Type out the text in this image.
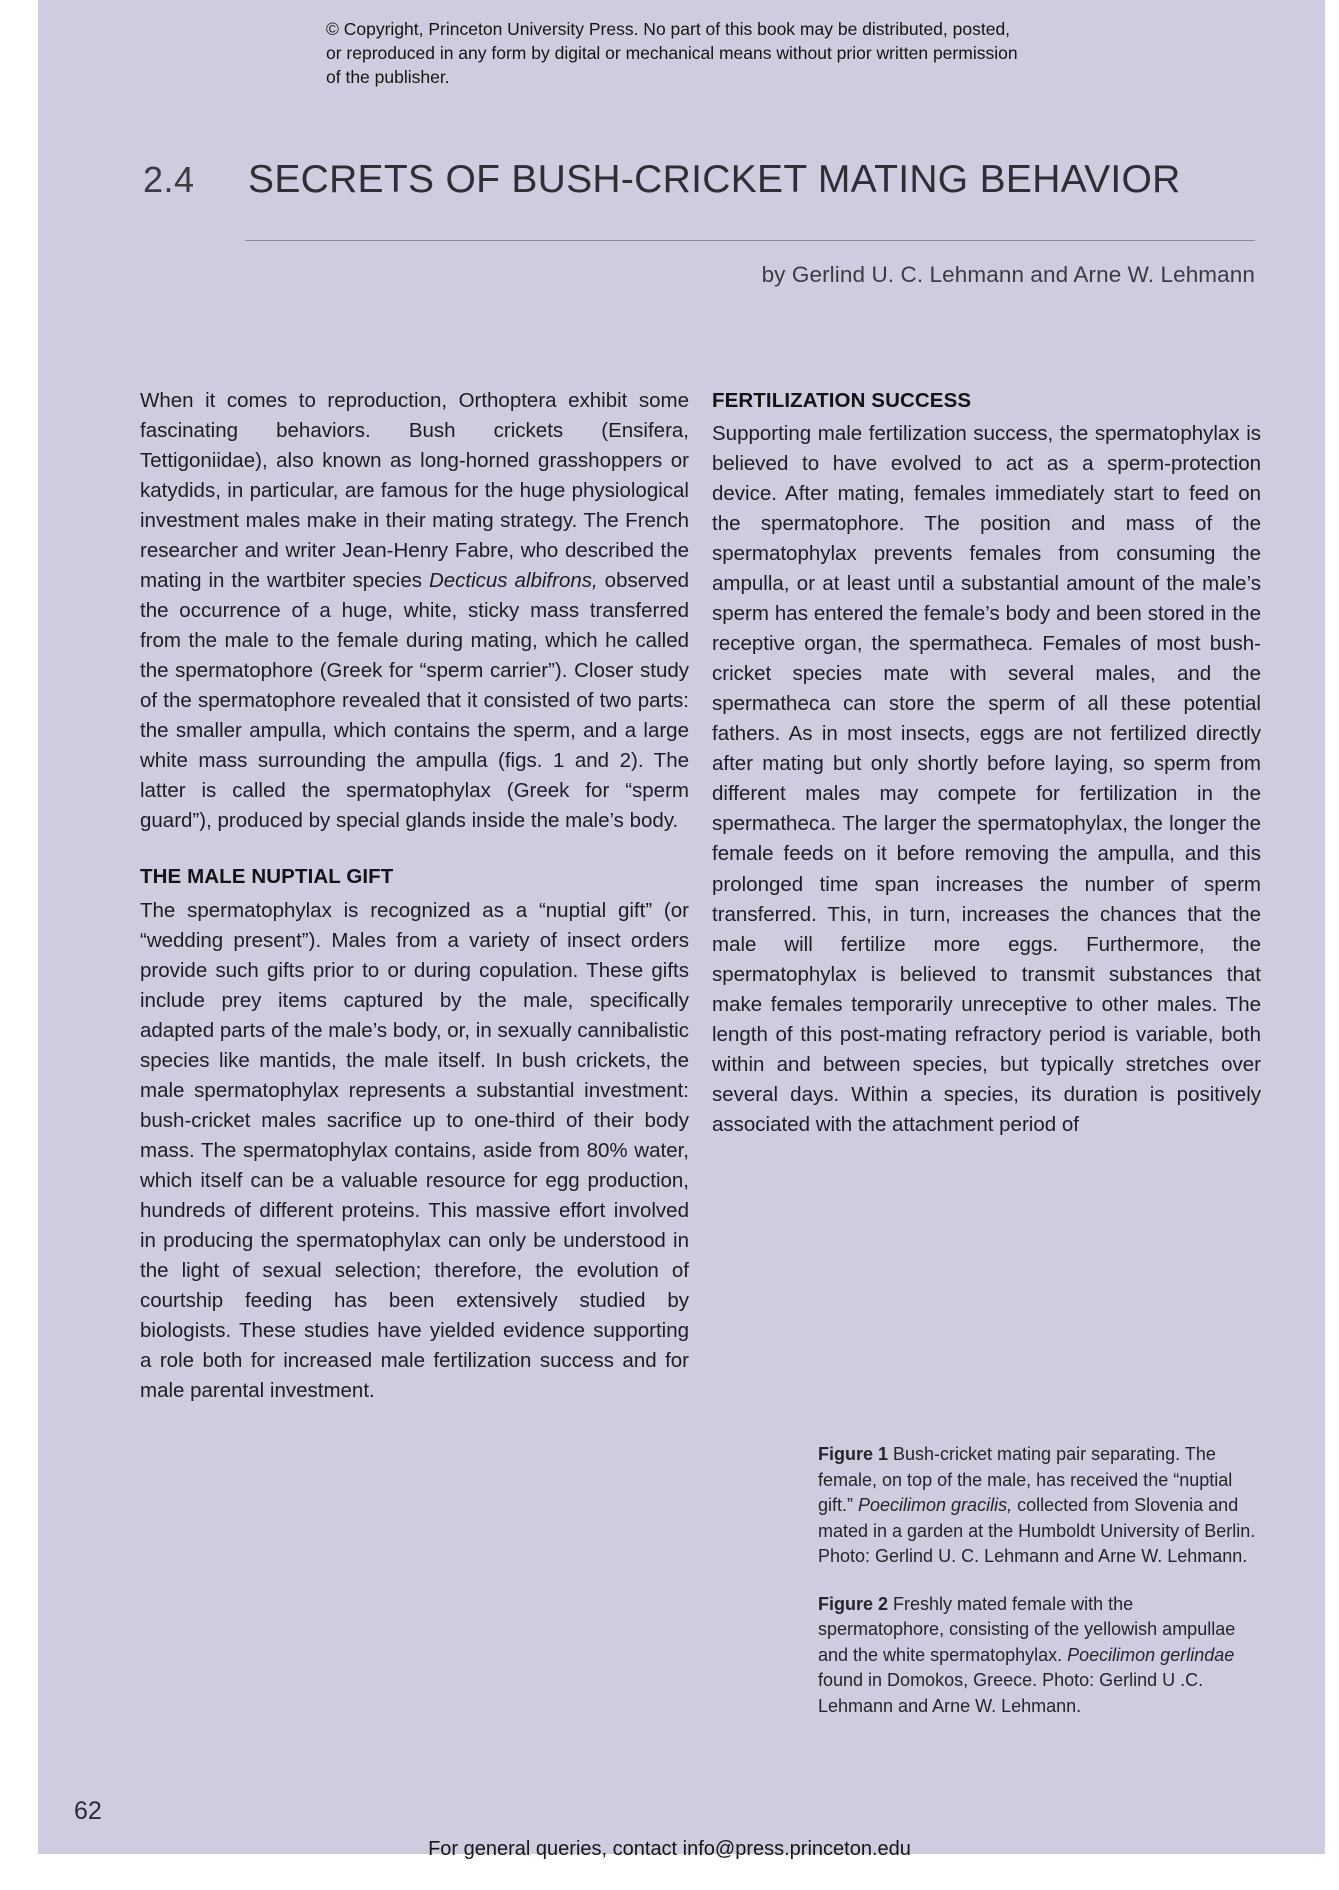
© Copyright, Princeton University Press. No part of this book may be distributed, posted, or reproduced in any form by digital or mechanical means without prior written permission of the publisher.
2.4	SECRETS OF BUSH-CRICKET MATING BEHAVIOR
by Gerlind U. C. Lehmann and Arne W. Lehmann

When it comes to reproduction, Orthoptera exhibit some fascinating behaviors. Bush crickets (Ensifera, Tettigoniidae), also known as long-horned grasshoppers or katydids, in particular, are famous for the huge physiological investment males make in their mating strategy. The French researcher and writer Jean-Henry Fabre, who described the mating in the wartbiter species Decticus albifrons, observed the occurrence of a huge, white, sticky mass transferred from the male to the female during mating, which he called the spermatophore (Greek for “sperm carrier”). Closer study of the spermatophore revealed that it consisted of two parts: the smaller ampulla, which contains the sperm, and a large white mass surrounding the ampulla (figs. 1 and 2). The latter is called the spermatophylax (Greek for “sperm guard”), produced by special glands inside the male’s body.

THE MALE NUPTIAL GIFT

The spermatophylax is recognized as a “nuptial gift” (or “wedding present”). Males from a variety of insect orders provide such gifts prior to or during copulation. These gifts include prey items captured by the male, specifically adapted parts of the male’s body, or, in sexually cannibalistic species like mantids, the male itself. In bush crickets, the male spermatophylax represents a substantial investment: bush-cricket males sacrifice up to one-third of their body mass. The spermatophylax contains, aside from 80% water, which itself can be a valuable resource for egg production, hundreds of different proteins. This massive effort involved in producing the spermatophylax can only be understood in the light of sexual selection; therefore, the evolution of courtship feeding has been extensively studied by biologists. These studies have yielded evidence supporting a role both for increased male fertilization success and for male parental investment.

FERTILIZATION SUCCESS

Supporting male fertilization success, the spermatophylax is believed to have evolved to act as a sperm-protection device. After mating, females immediately start to feed on the spermatophore. The position and mass of the spermatophylax prevents females from consuming the ampulla, or at least until a substantial amount of the male’s sperm has entered the female’s body and been stored in the receptive organ, the spermatheca. Females of most bush-cricket species mate with several males, and the spermatheca can store the sperm of all these potential fathers. As in most insects, eggs are not fertilized directly after mating but only shortly before laying, so sperm from different males may compete for fertilization in the spermatheca. The larger the spermatophylax, the longer the female feeds on it before removing the ampulla, and this prolonged time span increases the number of sperm transferred. This, in turn, increases the chances that the male will fertilize more eggs. Furthermore, the spermatophylax is believed to transmit substances that make females temporarily unreceptive to other males. The length of this post-mating refractory period is variable, both within and between species, but typically stretches over several days. Within a species, its duration is positively associated with the attachment period of

Figure 1 Bush-cricket mating pair separating. The female, on top of the male, has received the “nuptial gift.” Poecilimon gracilis, collected from Slovenia and mated in a garden at the Humboldt University of Berlin. Photo: Gerlind U. C. Lehmann and Arne W. Lehmann.

Figure 2 Freshly mated female with the spermatophore, consisting of the yellowish ampullae and the white spermatophylax. Poecilimon gerlindae found in Domokos, Greece. Photo: Gerlind U .C. Lehmann and Arne W. Lehmann.

62
For general queries, contact info@press.princeton.edu
